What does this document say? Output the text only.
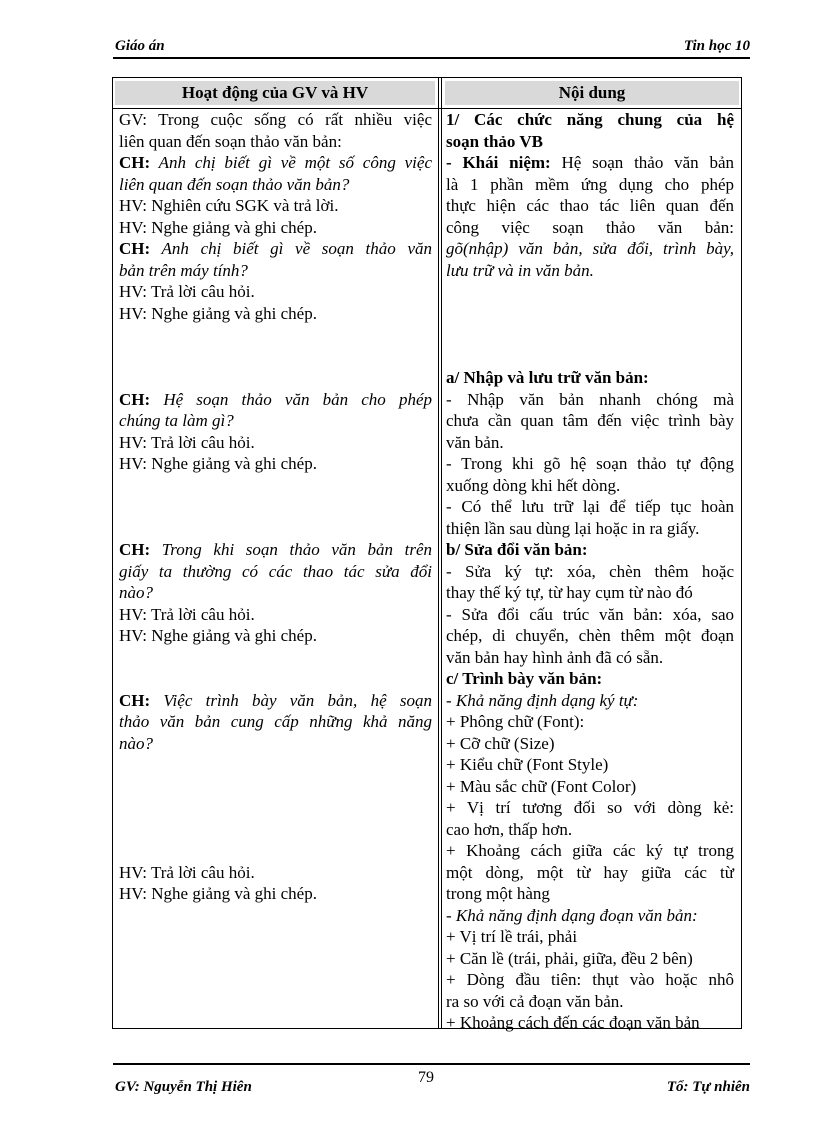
Giáo án	Tin học 10
Hoạt động của GV và HV	Nội dung
GV: Trong cuộc sống có rất nhiều việc
liên quan đến soạn thảo văn bản:
CH: Anh chị biết gì về một số công việc
liên quan đến soạn thảo văn bản?
HV: Nghiên cứu SGK và trả lời.
HV: Nghe giảng và ghi chép.
CH: Anh chị biết gì về soạn thảo văn
bản trên máy tính?
HV: Trả lời câu hỏi.
HV: Nghe giảng và ghi chép.

CH: Hệ soạn thảo văn bản cho phép
chúng ta làm gì?
HV: Trả lời câu hỏi.
HV: Nghe giảng và ghi chép.

CH: Trong khi soạn thảo văn bản trên
giấy ta thường có các thao tác sửa đổi
nào?
HV: Trả lời câu hỏi.
HV: Nghe giảng và ghi chép.

CH: Việc trình bày văn bản, hệ soạn
thảo văn bản cung cấp những khả năng
nào?

HV: Trả lời câu hỏi.
HV: Nghe giảng và ghi chép.
1/ Các chức năng chung của hệ
soạn thảo VB
- Khái niệm: Hệ soạn thảo văn bản
là 1 phần mềm ứng dụng cho phép
thực hiện các thao tác liên quan đến
công việc soạn thảo văn bản:
gõ(nhập) văn bản, sửa đổi, trình bày,
lưu trữ và in văn bản.

a/ Nhập và lưu trữ văn bản:
- Nhập văn bản nhanh chóng mà
chưa cần quan tâm đến việc trình bày
văn bản.
- Trong khi gõ hệ soạn thảo tự động
xuống dòng khi hết dòng.
- Có thể lưu trữ lại để tiếp tục hoàn
thiện lần sau dùng lại hoặc in ra giấy.
b/ Sửa đổi văn bản:
- Sửa ký tự: xóa, chèn thêm hoặc
thay thế ký tự, từ hay cụm từ nào đó
- Sửa đổi cấu trúc văn bản: xóa, sao
chép, di chuyển, chèn thêm một đoạn
văn bản hay hình ảnh đã có sẵn.
c/ Trình bày văn bản:
- Khả năng định dạng ký tự:
+ Phông chữ (Font):
+ Cỡ chữ (Size)
+ Kiểu chữ (Font Style)
+ Màu sắc chữ (Font Color)
+ Vị trí tương đối so với dòng kẻ:
cao hơn, thấp hơn.
+ Khoảng cách giữa các ký tự trong
một dòng, một từ hay giữa các từ
trong một hàng
- Khả năng định dạng đoạn văn bản:
+ Vị trí lề trái, phải
+ Căn lề (trái, phải, giữa, đều 2 bên)
+ Dòng đầu tiên: thụt vào hoặc nhô
ra so với cả đoạn văn bản.
+ Khoảng cách đến các đoạn văn bản
GV: Nguyễn Thị Hiên
79
Tổ: Tự nhiên
